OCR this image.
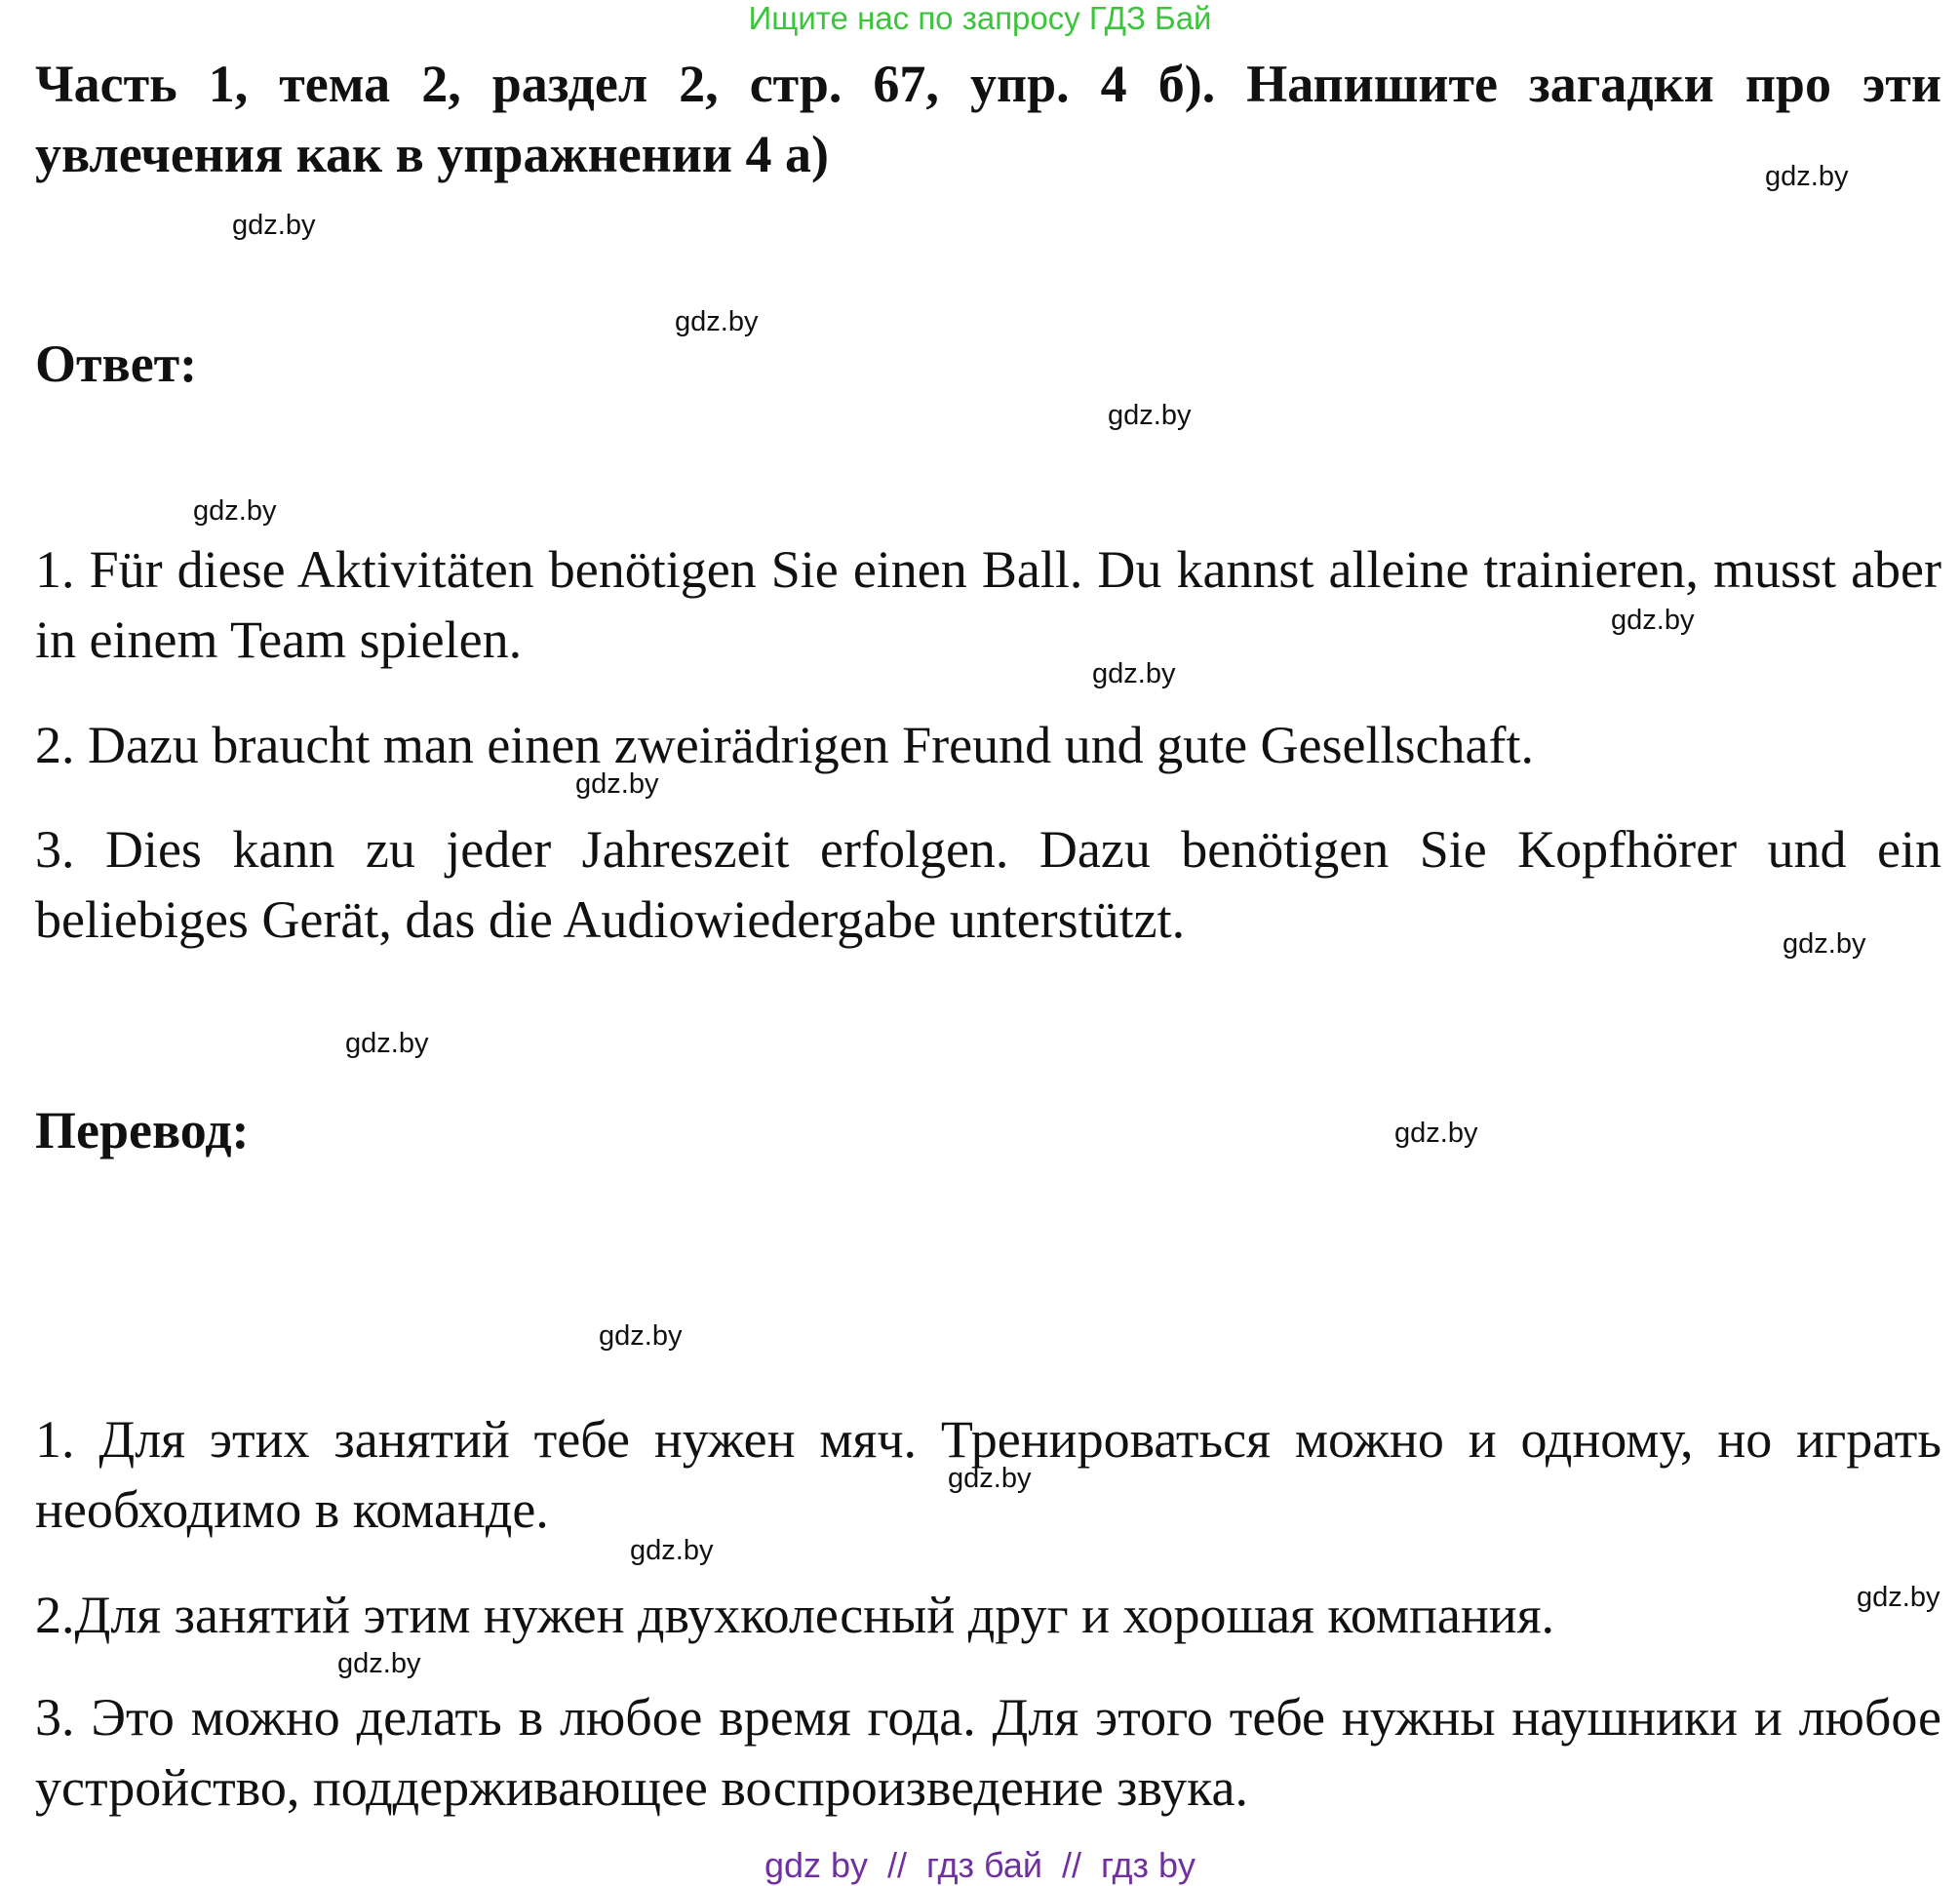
Ищите нас по запросу ГДЗ Бай
Часть 1, тема 2, раздел 2, стр. 67, упр. 4 б). Напишите загадки про эти увлечения как в упражнении 4 а)
Ответ:
1. Für diese Aktivitäten benötigen Sie einen Ball. Du kannst alleine trainieren, musst aber in einem Team spielen.
2. Dazu braucht man einen zweirädrigen Freund und gute Gesellschaft.
3. Dies kann zu jeder Jahreszeit erfolgen. Dazu benötigen Sie Kopfhörer und ein beliebiges Gerät, das die Audiowiedergabe unterstützt.
Перевод:
1. Для этих занятий тебе нужен мяч. Тренироваться можно и одному, но играть необходимо в команде.
2.Для занятий этим нужен двухколесный друг и хорошая компания.
3. Это можно делать в любое время года. Для этого тебе нужны наушники и любое устройство, поддерживающее воспроизведение звука.
gdz.by
gdz.by
gdz.by
gdz.by
gdz.by
gdz.by
gdz.by
gdz.by
gdz.by
gdz.by
gdz.by
gdz.by
gdz.by
gdz.by
gdz.by
gdz.by
gdz by  //  гдз бай  //  гдз by
